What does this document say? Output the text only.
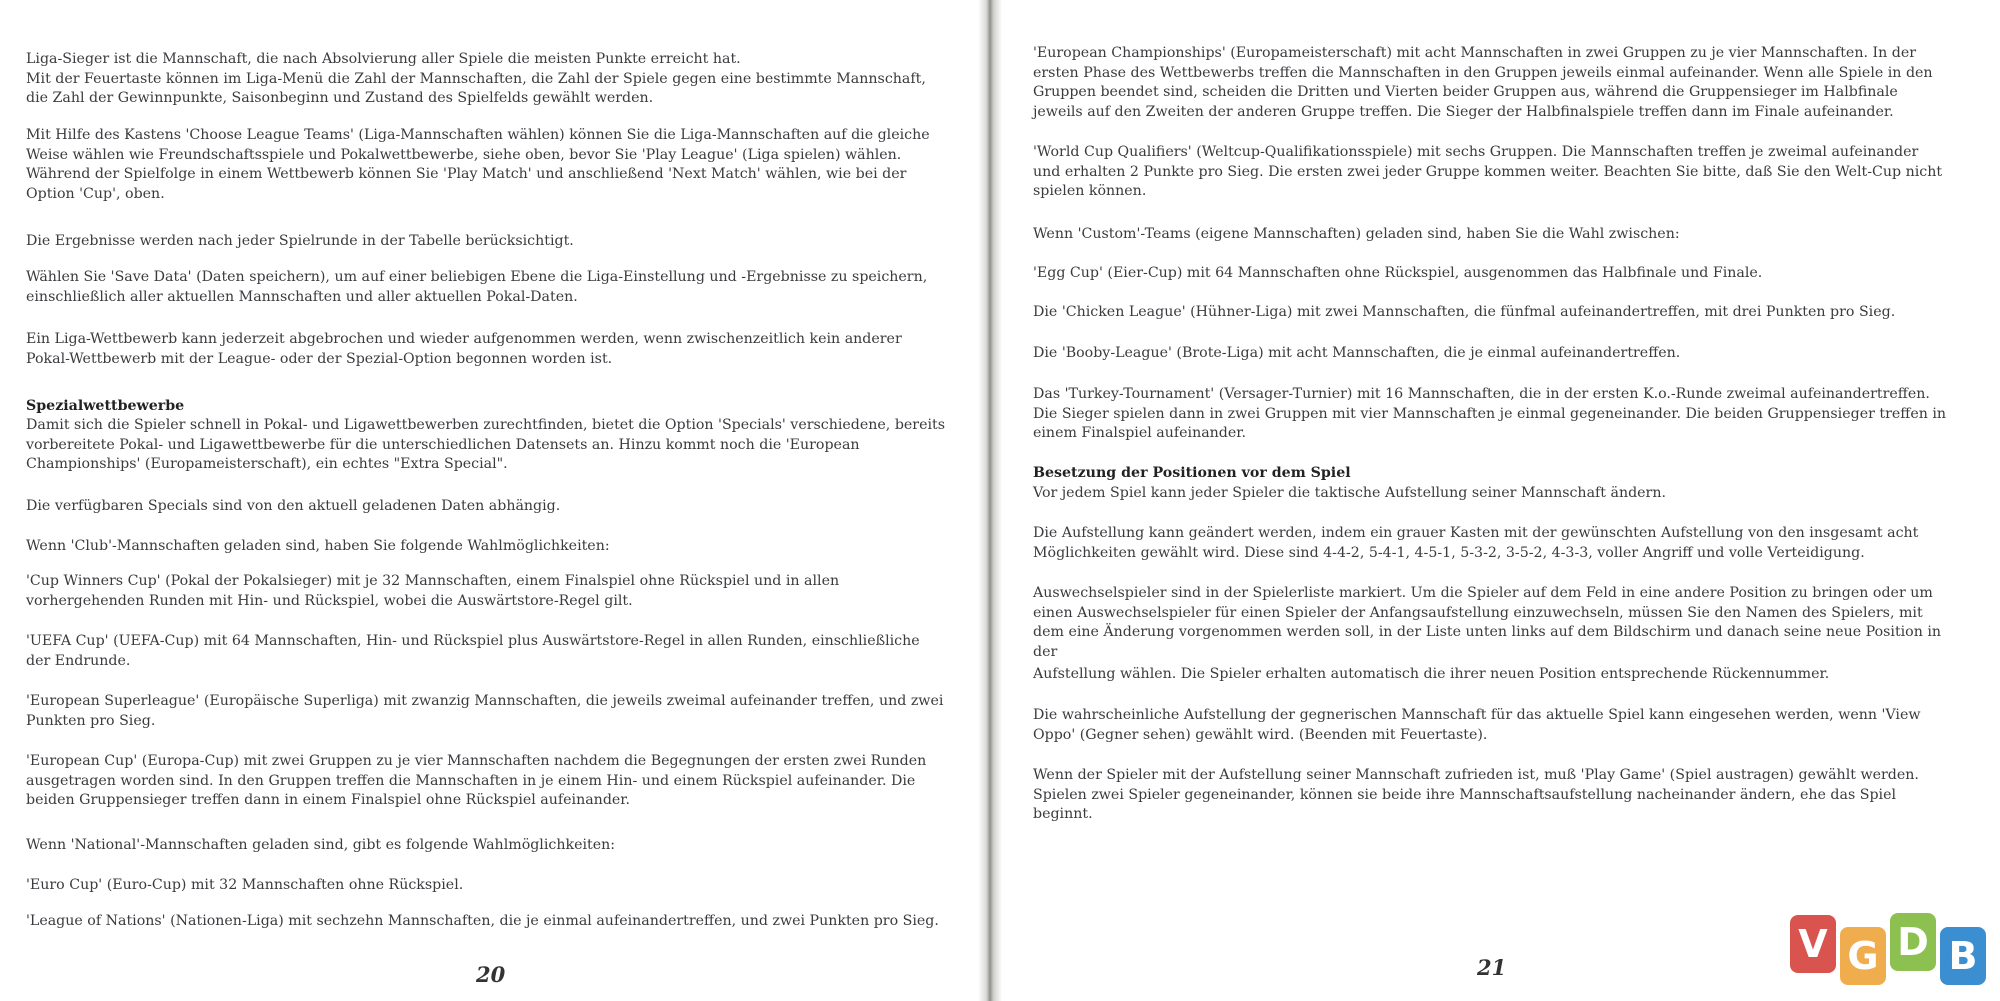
Liga-Sieger ist die Mannschaft, die nach Absolvierung aller Spiele die meisten Punkte erreicht hat.
Mit der Feuertaste können im Liga-Menü die Zahl der Mannschaften, die Zahl der Spiele gegen eine bestimmte Mannschaft, die Zahl der Gewinnpunkte, Saisonbeginn und Zustand des Spielfelds gewählt werden.

Mit Hilfe des Kastens 'Choose League Teams' (Liga-Mannschaften wählen) können Sie die Liga-Mannschaften auf die gleiche Weise wählen wie Freundschaftsspiele und Pokalwettbewerbe, siehe oben, bevor Sie 'Play League' (Liga spielen) wählen. Während der Spielfolge in einem Wettbewerb können Sie 'Play Match' und anschließend 'Next Match' wählen, wie bei der Option 'Cup', oben.

Die Ergebnisse werden nach jeder Spielrunde in der Tabelle berücksichtigt.

Wählen Sie 'Save Data' (Daten speichern), um auf einer beliebigen Ebene die Liga-Einstellung und -Ergebnisse zu speichern, einschließlich aller aktuellen Mannschaften und aller aktuellen Pokal-Daten.

Ein Liga-Wettbewerb kann jederzeit abgebrochen und wieder aufgenommen werden, wenn zwischenzeitlich kein anderer Pokal-Wettbewerb mit der League- oder der Spezial-Option begonnen worden ist.

Spezialwettbewerbe

Damit sich die Spieler schnell in Pokal- und Ligawettbewerben zurechtfinden, bietet die Option 'Specials' verschiedene, bereits vorbereitete Pokal- und Ligawettbewerbe für die unterschiedlichen Datensets an. Hinzu kommt noch die 'European Championships' (Europameisterschaft), ein echtes "Extra Special".

Die verfügbaren Specials sind von den aktuell geladenen Daten abhängig.

Wenn 'Club'-Mannschaften geladen sind, haben Sie folgende Wahlmöglichkeiten:

'Cup Winners Cup' (Pokal der Pokalsieger) mit je 32 Mannschaften, einem Finalspiel ohne Rückspiel und in allen vorhergehenden Runden mit Hin- und Rückspiel, wobei die Auswärtstore-Regel gilt.

'UEFA Cup' (UEFA-Cup) mit 64 Mannschaften, Hin- und Rückspiel plus Auswärtstore-Regel in allen Runden, einschließliche der Endrunde.

'European Superleague' (Europäische Superliga) mit zwanzig Mannschaften, die jeweils zweimal aufeinander treffen, und zwei Punkten pro Sieg.

'European Cup' (Europa-Cup) mit zwei Gruppen zu je vier Mannschaften nachdem die Begegnungen der ersten zwei Runden ausgetragen worden sind. In den Gruppen treffen die Mannschaften in je einem Hin- und einem Rückspiel aufeinander. Die beiden Gruppensieger treffen dann in einem Finalspiel ohne Rückspiel aufeinander.

Wenn 'National'-Mannschaften geladen sind, gibt es folgende Wahlmöglichkeiten:

'Euro Cup' (Euro-Cup) mit 32 Mannschaften ohne Rückspiel.

'League of Nations' (Nationen-Liga) mit sechzehn Mannschaften, die je einmal aufeinandertreffen, und zwei Punkten pro Sieg.

20

'European Championships' (Europameisterschaft) mit acht Mannschaften in zwei Gruppen zu je vier Mannschaften. In der ersten Phase des Wettbewerbs treffen die Mannschaften in den Gruppen jeweils einmal aufeinander. Wenn alle Spiele in den Gruppen beendet sind, scheiden die Dritten und Vierten beider Gruppen aus, während die Gruppensieger im Halbfinale jeweils auf den Zweiten der anderen Gruppe treffen. Die Sieger der Halbfinalspiele treffen dann im Finale aufeinander.

'World Cup Qualifiers' (Weltcup-Qualifikationsspiele) mit sechs Gruppen. Die Mannschaften treffen je zweimal aufeinander und erhalten 2 Punkte pro Sieg. Die ersten zwei jeder Gruppe kommen weiter. Beachten Sie bitte, daß Sie den Welt-Cup nicht spielen können.

Wenn 'Custom'-Teams (eigene Mannschaften) geladen sind, haben Sie die Wahl zwischen:

'Egg Cup' (Eier-Cup) mit 64 Mannschaften ohne Rückspiel, ausgenommen das Halbfinale und Finale.

Die 'Chicken League' (Hühner-Liga) mit zwei Mannschaften, die fünfmal aufeinandertreffen, mit drei Punkten pro Sieg.

Die 'Booby-League' (Brote-Liga) mit acht Mannschaften, die je einmal aufeinandertreffen.

Das 'Turkey-Tournament' (Versager-Turnier) mit 16 Mannschaften, die in der ersten K.o.-Runde zweimal aufeinandertreffen. Die Sieger spielen dann in zwei Gruppen mit vier Mannschaften je einmal gegeneinander. Die beiden Gruppensieger treffen in einem Finalspiel aufeinander.

Besetzung der Positionen vor dem Spiel

Vor jedem Spiel kann jeder Spieler die taktische Aufstellung seiner Mannschaft ändern.

Die Aufstellung kann geändert werden, indem ein grauer Kasten mit der gewünschten Aufstellung von den insgesamt acht Möglichkeiten gewählt wird. Diese sind 4-4-2, 5-4-1, 4-5-1, 5-3-2, 3-5-2, 4-3-3, voller Angriff und volle Verteidigung.

Auswechselspieler sind in der Spielerliste markiert. Um die Spieler auf dem Feld in eine andere Position zu bringen oder um einen Auswechselspieler für einen Spieler der Anfangsaufstellung einzuwechseln, müssen Sie den Namen des Spielers, mit dem eine Änderung vorgenommen werden soll, in der Liste unten links auf dem Bildschirm und danach seine neue Position in der

Aufstellung wählen. Die Spieler erhalten automatisch die ihrer neuen Position entsprechende Rückennummer.

Die wahrscheinliche Aufstellung der gegnerischen Mannschaft für das aktuelle Spiel kann eingesehen werden, wenn 'View Oppo' (Gegner sehen) gewählt wird. (Beenden mit Feuertaste).

Wenn der Spieler mit der Aufstellung seiner Mannschaft zufrieden ist, muß 'Play Game' (Spiel austragen) gewählt werden. Spielen zwei Spieler gegeneinander, können sie beide ihre Mannschaftsaufstellung nacheinander ändern, ehe das Spiel beginnt.

21
V G D B
